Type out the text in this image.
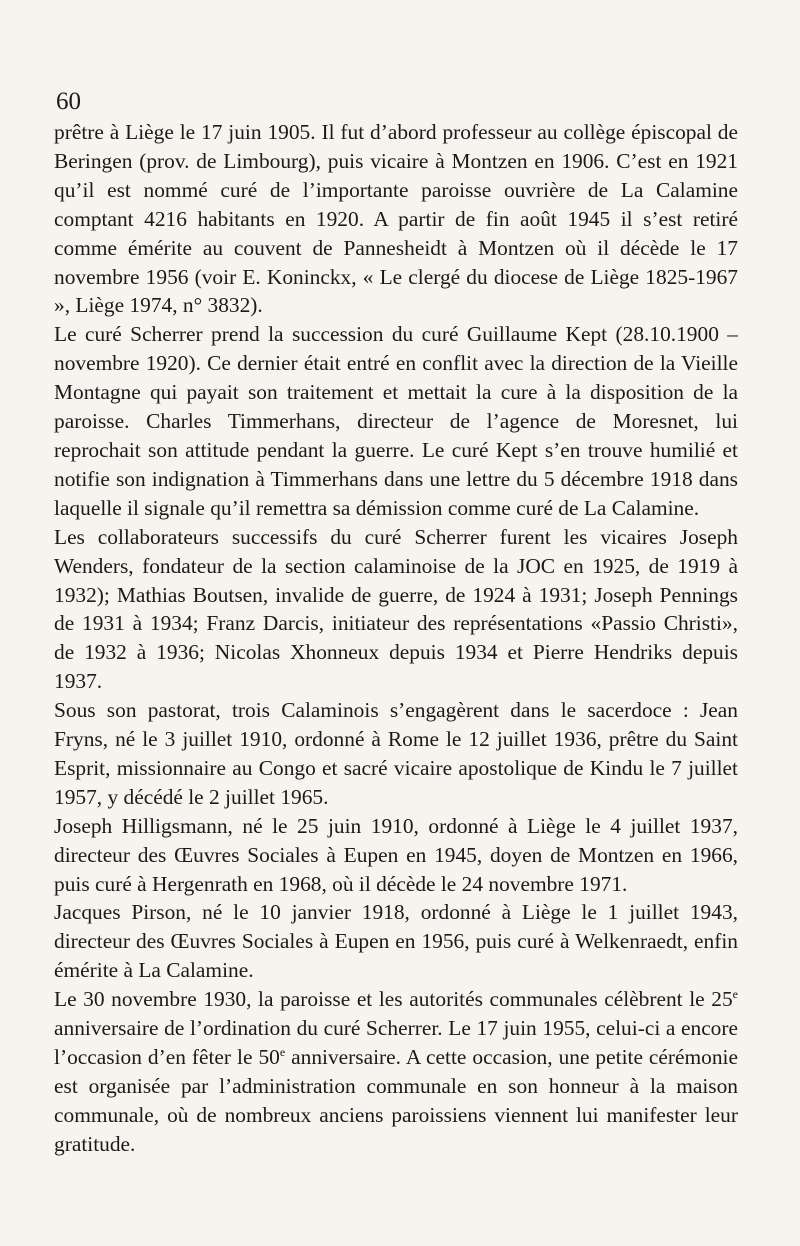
60

prêtre à Liège le 17 juin 1905. Il fut d’abord professeur au collège épiscopal de Beringen (prov. de Limbourg), puis vicaire à Montzen en 1906. C’est en 1921 qu’il est nommé curé de l’importante paroisse ouvrière de La Calamine comptant 4216 habitants en 1920. A partir de fin août 1945 il s’est retiré comme émérite au couvent de Pannesheidt à Montzen où il décède le 17 novembre 1956 (voir E. Koninckx, « Le clergé du diocese de Liège 1825-1967 », Liège 1974, n° 3832).

Le curé Scherrer prend la succession du curé Guillaume Kept (28.10.1900 – novembre 1920). Ce dernier était entré en conflit avec la direction de la Vieille Montagne qui payait son traitement et mettait la cure à la disposition de la paroisse. Charles Timmerhans, directeur de l’agence de Moresnet, lui reprochait son attitude pendant la guerre. Le curé Kept s’en trouve humilié et notifie son indignation à Timmerhans dans une lettre du 5 décembre 1918 dans laquelle il signale qu’il remettra sa démission comme curé de La Calamine.

Les collaborateurs successifs du curé Scherrer furent les vicaires Joseph Wenders, fondateur de la section calaminoise de la JOC en 1925, de 1919 à 1932); Mathias Boutsen, invalide de guerre, de 1924 à 1931; Joseph Pennings de 1931 à 1934; Franz Darcis, initiateur des représentations «Passio Christi», de 1932 à 1936; Nicolas Xhonneux depuis 1934 et Pierre Hendriks depuis 1937.

Sous son pastorat, trois Calaminois s’engagèrent dans le sacerdoce : Jean Fryns, né le 3 juillet 1910, ordonné à Rome le 12 juillet 1936, prêtre du Saint Esprit, missionnaire au Congo et sacré vicaire apostolique de Kindu le 7 juillet 1957, y décédé le 2 juillet 1965.

Joseph Hilligsmann, né le 25 juin 1910, ordonné à Liège le 4 juillet 1937, directeur des Œuvres Sociales à Eupen en 1945, doyen de Montzen en 1966, puis curé à Hergenrath en 1968, où il décède le 24 novembre 1971.

Jacques Pirson, né le 10 janvier 1918, ordonné à Liège le 1 juillet 1943, directeur des Œuvres Sociales à Eupen en 1956, puis curé à Welkenraedt, enfin émérite à La Calamine.

Le 30 novembre 1930, la paroisse et les autorités communales célèbrent le 25e anniversaire de l’ordination du curé Scherrer. Le 17 juin 1955, celui-ci a encore l’occasion d’en fêter le 50e anniversaire. A cette occasion, une petite cérémonie est organisée par l’administration communale en son honneur à la maison communale, où de nombreux anciens paroissiens viennent lui manifester leur gratitude.
